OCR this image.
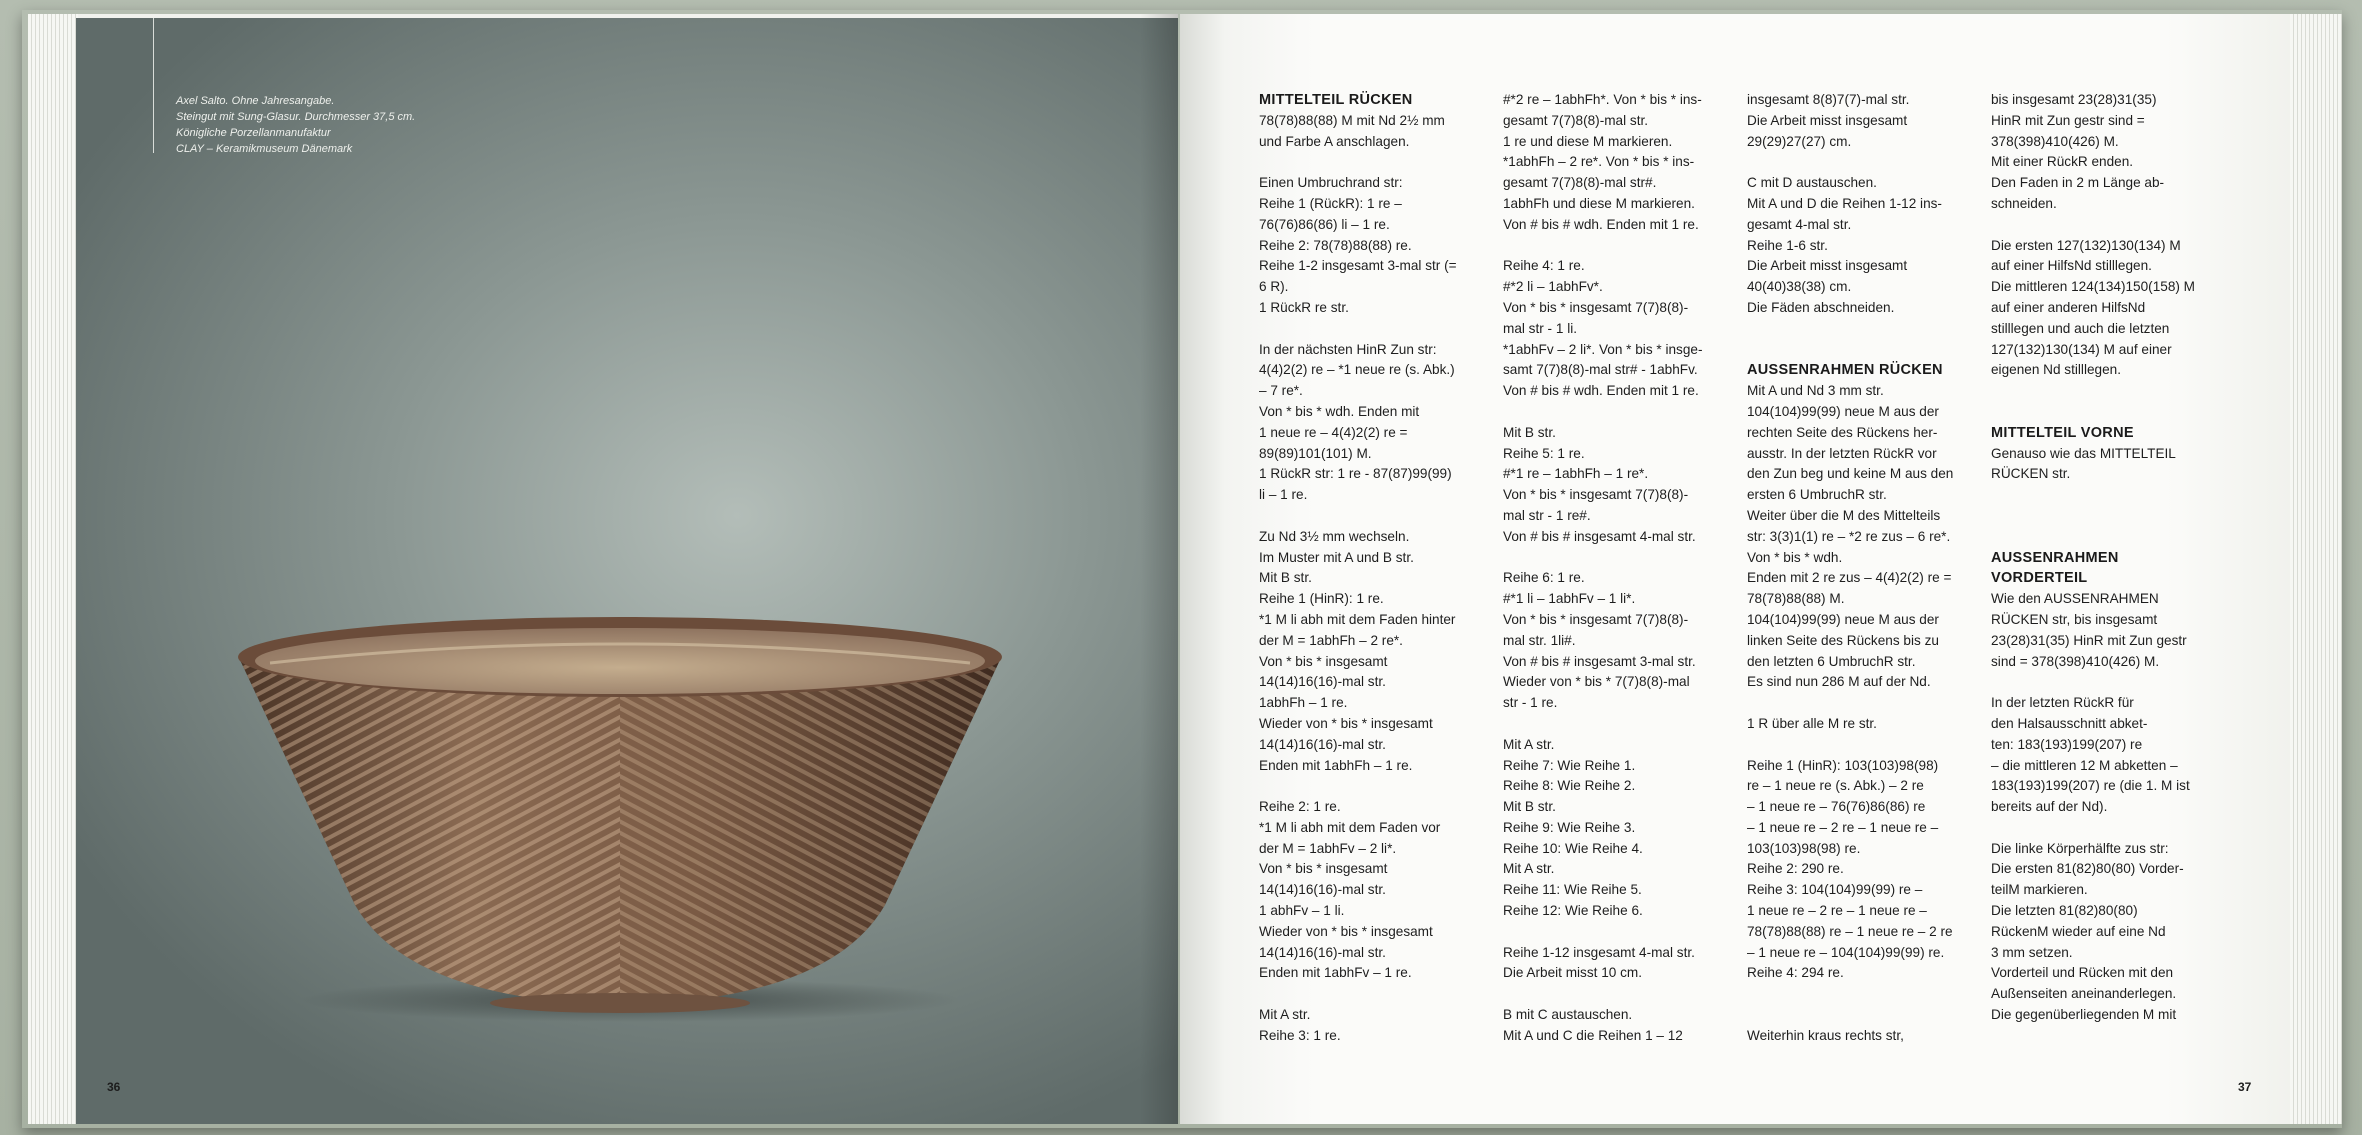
Axel Salto. Ohne Jahresangabe.
Steingut mit Sung-Glasur. Durchmesser 37,5 cm.
Königliche Porzellanmanufaktur
CLAY – Keramikmuseum Dänemark
36
MITTELTEIL RÜCKEN
78(78)88(88) M mit Nd 2½ mm
und Farbe A anschlagen.
Einen Umbruchrand str:
Reihe 1 (RückR): 1 re –
76(76)86(86) li – 1 re.
Reihe 2: 78(78)88(88) re.
Reihe 1-2 insgesamt 3-mal str (=
6 R).
1 RückR re str.
In der nächsten HinR Zun str:
4(4)2(2) re – *1 neue re (s. Abk.)
– 7 re*.
Von * bis * wdh. Enden mit
1 neue re – 4(4)2(2) re =
89(89)101(101) M.
1 RückR str: 1 re - 87(87)99(99)
li – 1 re.
Zu Nd 3½ mm wechseln.
Im Muster mit A und B str.
Mit B str.
Reihe 1 (HinR): 1 re.
*1 M li abh mit dem Faden hinter
der M = 1abhFh – 2 re*.
Von * bis * insgesamt
14(14)16(16)-mal str.
1abhFh – 1 re.
Wieder von * bis * insgesamt
14(14)16(16)-mal str.
Enden mit 1abhFh – 1 re.
Reihe 2: 1 re.
*1 M li abh mit dem Faden vor
der M = 1abhFv – 2 li*.
Von * bis * insgesamt
14(14)16(16)-mal str.
1 abhFv – 1 li.
Wieder von * bis * insgesamt
14(14)16(16)-mal str.
Enden mit 1abhFv – 1 re.
Mit A str.
Reihe 3: 1 re.
#*2 re – 1abhFh*. Von * bis * ins-
gesamt 7(7)8(8)-mal str.
1 re und diese M markieren.
*1abhFh – 2 re*. Von * bis * ins-
gesamt 7(7)8(8)-mal str#.
1abhFh und diese M markieren.
Von # bis # wdh. Enden mit 1 re.
Reihe 4: 1 re.
#*2 li – 1abhFv*.
Von * bis * insgesamt 7(7)8(8)-
mal str - 1 li.
*1abhFv – 2 li*. Von * bis * insge-
samt 7(7)8(8)-mal str# - 1abhFv.
Von # bis # wdh. Enden mit 1 re.
Mit B str.
Reihe 5: 1 re.
#*1 re – 1abhFh – 1 re*.
Von * bis * insgesamt 7(7)8(8)-
mal str - 1 re#.
Von # bis # insgesamt 4-mal str.
Reihe 6: 1 re.
#*1 li – 1abhFv – 1 li*.
Von * bis * insgesamt 7(7)8(8)-
mal str. 1li#.
Von # bis # insgesamt 3-mal str.
Wieder von * bis * 7(7)8(8)-mal
str - 1 re.
Mit A str.
Reihe 7: Wie Reihe 1.
Reihe 8: Wie Reihe 2.
Mit B str.
Reihe 9: Wie Reihe 3.
Reihe 10: Wie Reihe 4.
Mit A str.
Reihe 11: Wie Reihe 5.
Reihe 12: Wie Reihe 6.
Reihe 1-12 insgesamt 4-mal str.
Die Arbeit misst 10 cm.
B mit C austauschen.
Mit A und C die Reihen 1 – 12
insgesamt 8(8)7(7)-mal str.
Die Arbeit misst insgesamt
29(29)27(27) cm.
C mit D austauschen.
Mit A und D die Reihen 1-12 ins-
gesamt 4-mal str.
Reihe 1-6 str.
Die Arbeit misst insgesamt
40(40)38(38) cm.
Die Fäden abschneiden.
AUSSENRAHMEN RÜCKEN
Mit A und Nd 3 mm str.
104(104)99(99) neue M aus der
rechten Seite des Rückens her-
ausstr. In der letzten RückR vor
den Zun beg und keine M aus den
ersten 6 UmbruchR str.
Weiter über die M des Mittelteils
str: 3(3)1(1) re – *2 re zus – 6 re*.
Von * bis * wdh.
Enden mit 2 re zus – 4(4)2(2) re =
78(78)88(88) M.
104(104)99(99) neue M aus der
linken Seite des Rückens bis zu
den letzten 6 UmbruchR str.
Es sind nun 286 M auf der Nd.
1 R über alle M re str.
Reihe 1 (HinR): 103(103)98(98)
re – 1 neue re (s. Abk.) – 2 re
– 1 neue re – 76(76)86(86) re
– 1 neue re – 2 re – 1 neue re –
103(103)98(98) re.
Reihe 2: 290 re.
Reihe 3: 104(104)99(99) re –
1 neue re – 2 re – 1 neue re –
78(78)88(88) re – 1 neue re – 2 re
– 1 neue re – 104(104)99(99) re.
Reihe 4: 294 re.
Weiterhin kraus rechts str,
bis insgesamt 23(28)31(35)
HinR mit Zun gestr sind =
378(398)410(426) M.
Mit einer RückR enden.
Den Faden in 2 m Länge ab-
schneiden.
Die ersten 127(132)130(134) M
auf einer HilfsNd stilllegen.
Die mittleren 124(134)150(158) M
auf einer anderen HilfsNd
stilllegen und auch die letzten
127(132)130(134) M auf einer
eigenen Nd stilllegen.
MITTELTEIL VORNE
Genauso wie das MITTELTEIL
RÜCKEN str.
AUSSENRAHMEN
VORDERTEIL
Wie den AUSSENRAHMEN
RÜCKEN str, bis insgesamt
23(28)31(35) HinR mit Zun gestr
sind = 378(398)410(426) M.
In der letzten RückR für
den Halsausschnitt abket-
ten: 183(193)199(207) re
– die mittleren 12 M abketten –
183(193)199(207) re (die 1. M ist
bereits auf der Nd).
Die linke Körperhälfte zus str:
Die ersten 81(82)80(80) Vorder-
teilM markieren.
Die letzten 81(82)80(80)
RückenM wieder auf eine Nd
3 mm setzen.
Vorderteil und Rücken mit den
Außenseiten aneinanderlegen.
Die gegenüberliegenden M mit
37
